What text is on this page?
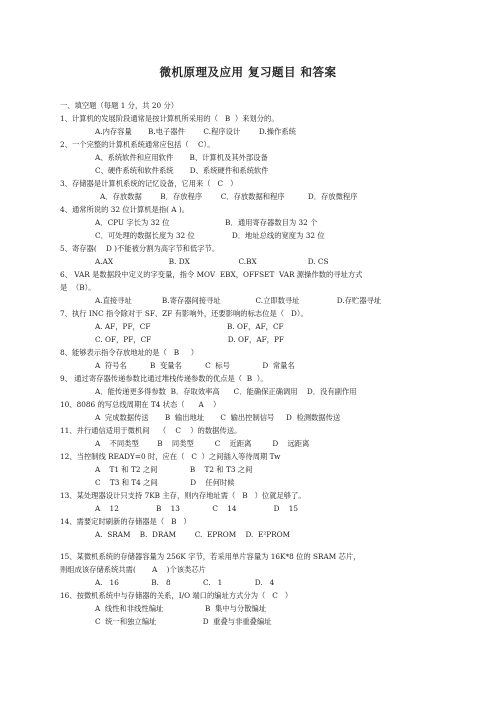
微机原理及应用 复习题目 和答案
一、填空题（每题 1 分，共 20 分）
1、计算机的发展阶段通常是按计算机所采用的（   B  ）来划分的。
A.内存容量       B.电子器件        C.程序设计        D.操作系统
2、一个完整的计算机系统通常应包括（    C）。
A、系统软件和应用软件       B、计算机及其外部设备
C、硬件系统和软件系统       D、系统硬件和系统软件
3、存储器是计算机系统的记忆设备，它用来（   C   ）
A．存放数据        B．存放程序        C．存放数据和程序          D．存放微程序
4、通常所说的 32 位计算机是指( A )。
A．CPU 字长为 32 位                        B．通用寄存器数目为 32 个
C．可处理的数据长度为 32 位                D．地址总线的宽度为 32 位
5、寄存器(    D )不能被分割为高字节和低字节。
A.AX                        B. DX                     C.BX                      D. CS
6、 VAR 是数据段中定义的字变量，指令 MOV  EBX，OFFSET  VAR 源操作数的寻址方式
是  （B）。
A.直接寻址             B.寄存器间接寻址               C.立即数寻址                D.存贮器寻址
7、执行 INC 指令除对于 SF、ZF 有影响外，还要影响的标志位是（   D）。
A. AF，PF，CF                                 B. OF，AF，CF
C. OF，PF，CF                                 D. OF，AF，PF
8、能够表示指令存放地址的是（   B     ）
A  符号名          B  变量名          C  标号              D  常量名
9、 通过寄存器传递参数比通过堆栈传递参数的优点是（  B  ）。
A．能传递更多得参数  B．存取效率高      C．能确保正确调用    D．没有副作用
10、8086 的写总线周期在 T4 状态（      A    ）
A  完成数据传送       B  输出地址       C  输出控制信号     D  检测数据传送
11、并行通信适用于微机间    （    C    ）的数据传送。
A    不同类型        B    同类型         C    近距离         D    远距离
12、当控制线 READY=0 时，应在（   C  ）之间插入等待周期 Tw
A    T1 和 T2 之间              B    T2 和 T3 之间
C    T3 和 T4 之间              D    任何时候
13、某处理器设计只支持 7KB 主存，则内存地址需（   B   ）位就足够了。
A    12                B    13              C    14                D    15
14、需要定时刷新的存储器是（   B   ）
A.  SRAM    B.  DRAM        C.  EPROM    D.  E²PROM
15、某微机系统的存储器容量为 256K 字节，若采用单片容量为 16K*8 位的 SRAM 芯片，
则组成该存储系统共需(       A    )个该类芯片
A.   16              B.   8              C.   1              D.   4
16、按微机系统中与存储器的关系，I/O 端口的编址方式分为（   C   ）
A  线性和非线性编址                  B  集中与分散编址
C  统一和独立编址                    D  重叠与非重叠编址
